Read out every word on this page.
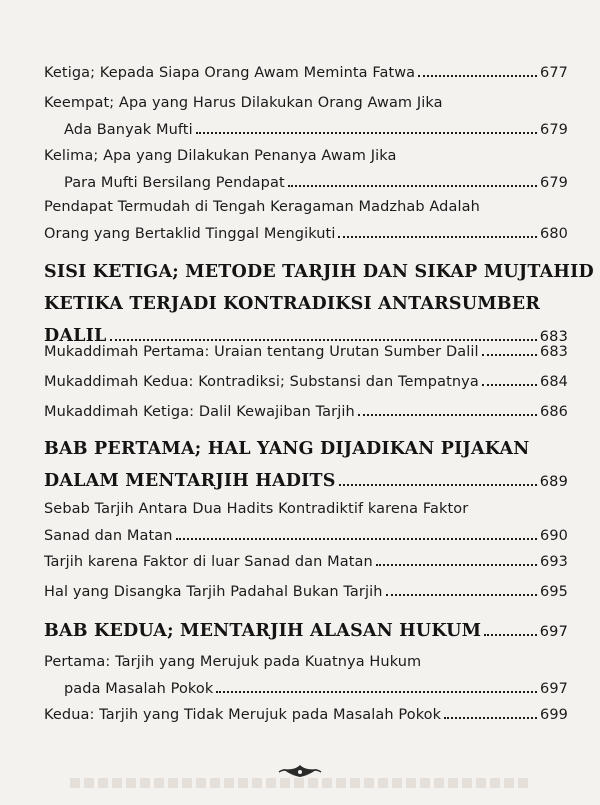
Ketiga; Kepada Siapa Orang Awam Meminta Fatwa	677
Keempat; Apa yang Harus Dilakukan Orang Awam Jika
Ada Banyak Mufti	679
Kelima; Apa yang Dilakukan Penanya Awam Jika
Para Mufti Bersilang Pendapat	679
Pendapat Termudah di Tengah Keragaman Madzhab Adalah
Orang yang Bertaklid Tinggal Mengikuti	680
SISI KETIGA; METODE TARJIH DAN SIKAP MUJTAHID
KETIKA TERJADI KONTRADIKSI ANTARSUMBER
DALIL	683
Mukaddimah Pertama: Uraian tentang Urutan Sumber Dalil	683
Mukaddimah Kedua: Kontradiksi; Substansi dan Tempatnya	684
Mukaddimah Ketiga: Dalil Kewajiban Tarjih	686
BAB PERTAMA; HAL YANG DIJADIKAN PIJAKAN
DALAM MENTARJIH HADITS	689
Sebab Tarjih Antara Dua Hadits Kontradiktif karena Faktor
Sanad dan Matan	690
Tarjih karena Faktor di luar Sanad dan Matan	693
Hal yang Disangka Tarjih Padahal Bukan Tarjih	695
BAB KEDUA; MENTARJIH ALASAN HUKUM	697
Pertama: Tarjih yang Merujuk pada Kuatnya Hukum
pada Masalah Pokok	697
Kedua: Tarjih yang Tidak Merujuk pada Masalah Pokok	699
